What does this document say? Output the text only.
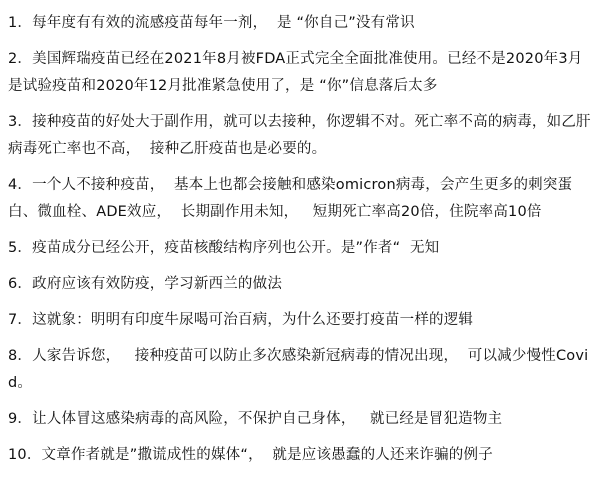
1．每年度有有效的流感疫苗每年一剂，  是 “你自己”没有常识

2．美国辉瑞疫苗已经在2021年8月被FDA正式完全全面批准使用。已经不是2020年3月是试验疫苗和2020年12月批准紧急使用了，是 “你”信息落后太多

3．接种疫苗的好处大于副作用，就可以去接种，你逻辑不对。死亡率不高的病毒，如乙肝病毒死亡率也不高，  接种乙肝疫苗也是必要的。

4．一个人不接种疫苗，  基本上也都会接触和感染omicron病毒，会产生更多的刺突蛋白、微血栓、ADE效应，  长期副作用未知，   短期死亡率高20倍，住院率高10倍

5．疫苗成分已经公开，疫苗核酸结构序列也公开。是”作者“  无知

6．政府应该有效防疫，学习新西兰的做法

7．这就象：明明有印度牛尿喝可治百病，为什么还要打疫苗一样的逻辑

8．人家告诉您，   接种疫苗可以防止多次感染新冠病毒的情况出现，  可以减少慢性Covid。

9．让人体冒这感染病毒的高风险，不保护自己身体，   就已经是冒犯造物主

10．文章作者就是”撒谎成性的媒体“，  就是应该愚蠢的人还来诈骗的例子
